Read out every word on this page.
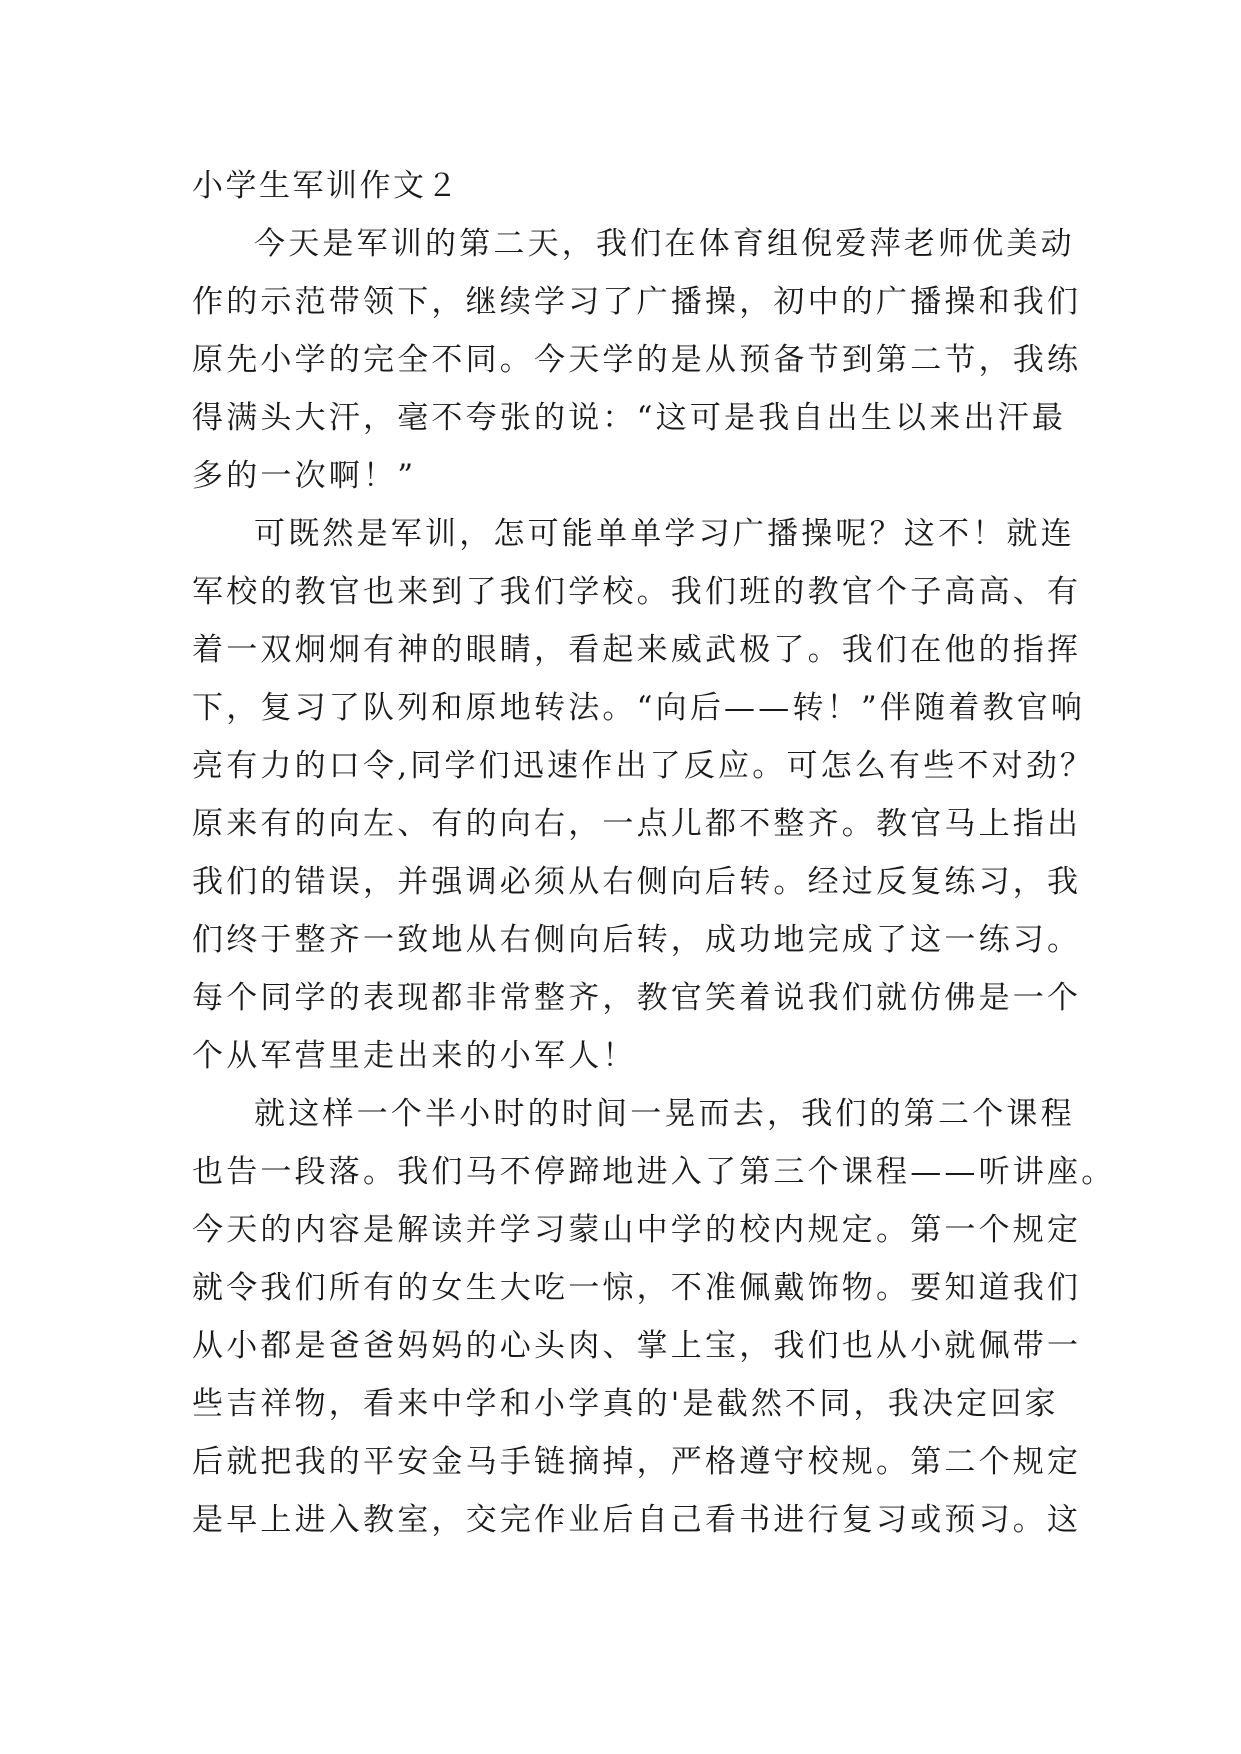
小学生军训作文２

今天是军训的第二天，我们在体育组倪爱萍老师优美动

作的示范带领下，继续学习了广播操，初中的广播操和我们

原先小学的完全不同。今天学的是从预备节到第二节，我练

得满头大汗，毫不夸张的说：“这可是我自出生以来出汗最

多的一次啊！”

可既然是军训，怎可能单单学习广播操呢？这不！就连

军校的教官也来到了我们学校。我们班的教官个子高高、有

着一双炯炯有神的眼睛，看起来威武极了。我们在他的指挥

下，复习了队列和原地转法。“向后——转！”伴随着教官响

亮有力的口令,同学们迅速作出了反应。可怎么有些不对劲？

原来有的向左、有的向右，一点儿都不整齐。教官马上指出

我们的错误，并强调必须从右侧向后转。经过反复练习，我

们终于整齐一致地从右侧向后转，成功地完成了这一练习。

每个同学的表现都非常整齐，教官笑着说我们就仿佛是一个

个从军营里走出来的小军人！

就这样一个半小时的时间一晃而去，我们的第二个课程

也告一段落。我们马不停蹄地进入了第三个课程——听讲座。

今天的内容是解读并学习蒙山中学的校内规定。第一个规定

就令我们所有的女生大吃一惊，不准佩戴饰物。要知道我们

从小都是爸爸妈妈的心头肉、掌上宝，我们也从小就佩带一

些吉祥物，看来中学和小学真的'是截然不同，我决定回家

后就把我的平安金马手链摘掉，严格遵守校规。第二个规定

是早上进入教室，交完作业后自己看书进行复习或预习。这
